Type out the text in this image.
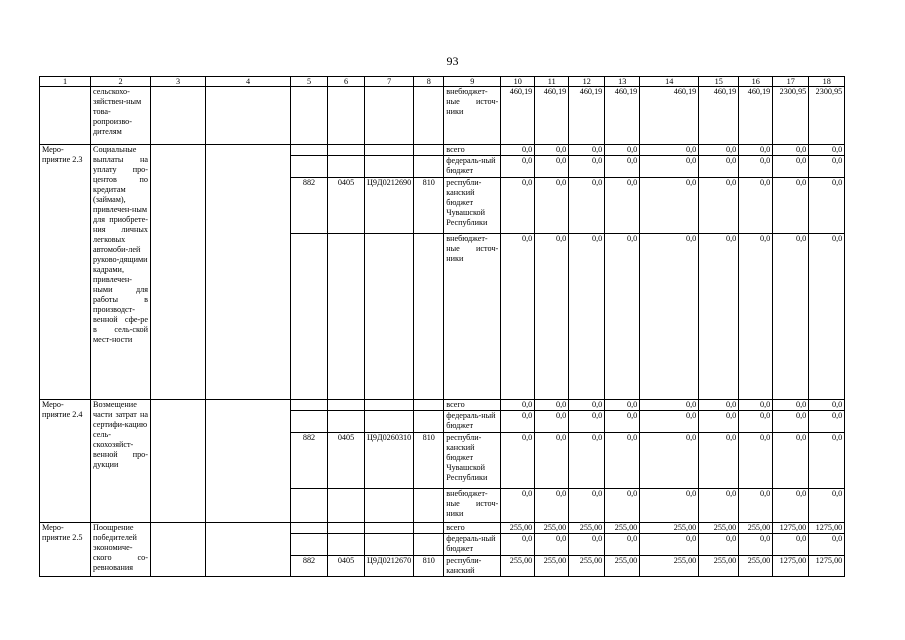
93
1	2	3	4	5	6	7	8	9	10	11	12	13	14	15	16	17	18
	сельскохо-зяйствен-ным това-ропроизво-дителям							внебюджет-ные источ-ники	460,19	460,19	460,19	460,19	460,19	460,19	460,19	2300,95	2300,95
Меро-приятие 2.3	Социальные выплаты на уплату про-центов по кредитам (займам), привлечен-ным для приобрете-ния личных легковых автомоби-лей руково-дящими кадрами, привлечен-ными для работы в производст-венной сфе-ре в сель-ской мест-ности							всего	0,0	0,0	0,0	0,0	0,0	0,0	0,0	0,0	0,0
								федераль-ный бюджет	0,0	0,0	0,0	0,0	0,0	0,0	0,0	0,0	0,0
				882	0405	Ц9Д0212690	810	республи-канский бюджет Чувашской Республики	0,0	0,0	0,0	0,0	0,0	0,0	0,0	0,0	0,0
								внебюджет-ные источ-ники	0,0	0,0	0,0	0,0	0,0	0,0	0,0	0,0	0,0
Меро-приятие 2.4	Возмещение части затрат на сертифи-кацию сель-скохозяйст-венной про-дукции							всего	0,0	0,0	0,0	0,0	0,0	0,0	0,0	0,0	0,0
								федераль-ный бюджет	0,0	0,0	0,0	0,0	0,0	0,0	0,0	0,0	0,0
				882	0405	Ц9Д0260310	810	республи-канский бюджет Чувашской Республики	0,0	0,0	0,0	0,0	0,0	0,0	0,0	0,0	0,0
								внебюджет-ные источ-ники	0,0	0,0	0,0	0,0	0,0	0,0	0,0	0,0	0,0
Меро-приятие 2.5	Поощрение победителей экономиче-ского со-ревнования							всего	255,00	255,00	255,00	255,00	255,00	255,00	255,00	1275,00	1275,00
								федераль-ный бюджет	0,0	0,0	0,0	0,0	0,0	0,0	0,0	0,0	0,0
				882	0405	Ц9Д0212670	810	республи-канский	255,00	255,00	255,00	255,00	255,00	255,00	255,00	1275,00	1275,00
